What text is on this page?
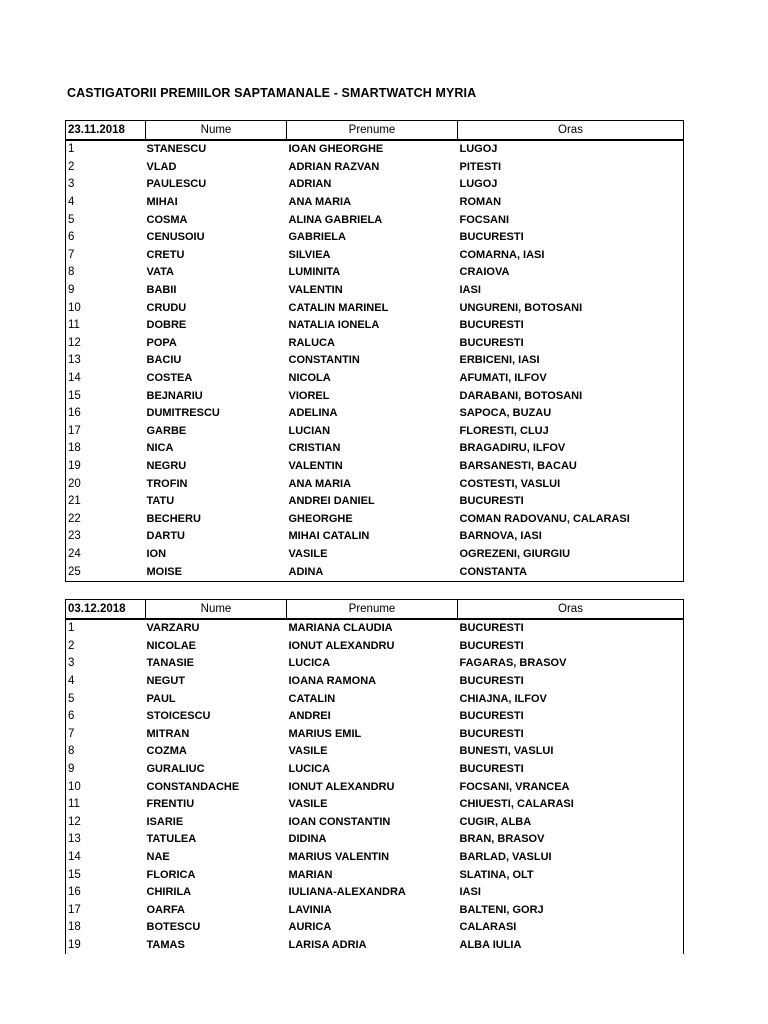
CASTIGATORII PREMIILOR SAPTAMANALE - SMARTWATCH MYRIA
23.11.2018	Nume	Prenume	Oras
1	STANESCU	IOAN GHEORGHE	LUGOJ
2	VLAD	ADRIAN RAZVAN	PITESTI
3	PAULESCU	ADRIAN	LUGOJ
4	MIHAI	ANA MARIA	ROMAN
5	COSMA	ALINA GABRIELA	FOCSANI
6	CENUSOIU	GABRIELA	BUCURESTI
7	CRETU	SILVIEA	COMARNA, IASI
8	VATA	LUMINITA	CRAIOVA
9	BABII	VALENTIN	IASI
10	CRUDU	CATALIN MARINEL	UNGURENI, BOTOSANI
11	DOBRE	NATALIA IONELA	BUCURESTI
12	POPA	RALUCA	BUCURESTI
13	BACIU	CONSTANTIN	ERBICENI, IASI
14	COSTEA	NICOLA	AFUMATI, ILFOV
15	BEJNARIU	VIOREL	DARABANI, BOTOSANI
16	DUMITRESCU	ADELINA	SAPOCA, BUZAU
17	GARBE	LUCIAN	FLORESTI, CLUJ
18	NICA	CRISTIAN	BRAGADIRU, ILFOV
19	NEGRU	VALENTIN	BARSANESTI, BACAU
20	TROFIN	ANA MARIA	COSTESTI, VASLUI
21	TATU	ANDREI DANIEL	BUCURESTI
22	BECHERU	GHEORGHE	COMAN RADOVANU, CALARASI
23	DARTU	MIHAI CATALIN	BARNOVA, IASI
24	ION	VASILE	OGREZENI, GIURGIU
25	MOISE	ADINA	CONSTANTA
03.12.2018	Nume	Prenume	Oras
1	VARZARU	MARIANA CLAUDIA	BUCURESTI
2	NICOLAE	IONUT ALEXANDRU	BUCURESTI
3	TANASIE	LUCICA	FAGARAS, BRASOV
4	NEGUT	IOANA RAMONA	BUCURESTI
5	PAUL	CATALIN	CHIAJNA, ILFOV
6	STOICESCU	ANDREI	BUCURESTI
7	MITRAN	MARIUS EMIL	BUCURESTI
8	COZMA	VASILE	BUNESTI, VASLUI
9	GURALIUC	LUCICA	BUCURESTI
10	CONSTANDACHE	IONUT ALEXANDRU	FOCSANI, VRANCEA
11	FRENTIU	VASILE	CHIUESTI, CALARASI
12	ISARIE	IOAN CONSTANTIN	CUGIR, ALBA
13	TATULEA	DIDINA	BRAN, BRASOV
14	NAE	MARIUS VALENTIN	BARLAD, VASLUI
15	FLORICA	MARIAN	SLATINA, OLT
16	CHIRILA	IULIANA-ALEXANDRA	IASI
17	OARFA	LAVINIA	BALTENI, GORJ
18	BOTESCU	AURICA	CALARASI
19	TAMAS	LARISA ADRIA	ALBA IULIA
